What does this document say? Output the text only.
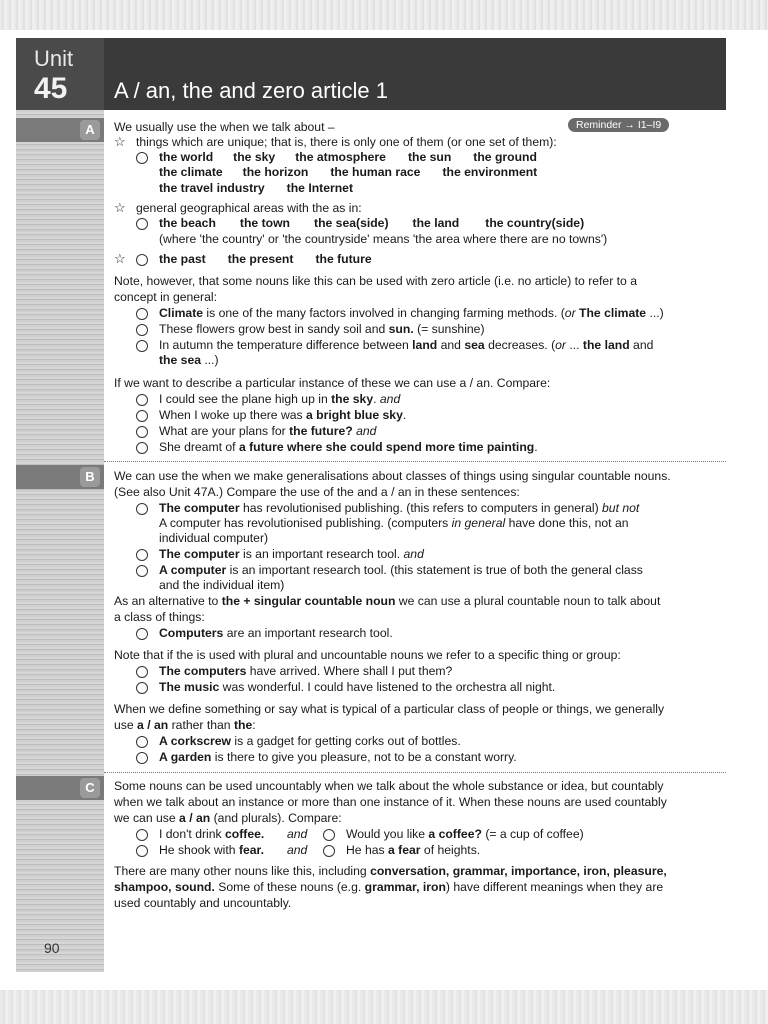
Unit
45 A / an, the and zero article 1
A
B
C
Reminder → I1–I9
We usually use the when we talk about –
☆ things which are unique; that is, there is only one of them (or one set of them):
the world the sky the atmosphere the sun the ground
the climate the horizon the human race the environment
the travel industry the Internet
☆ general geographical areas with the as in:
the beach the town the sea(side) the land the country(side)
(where 'the country' or 'the countryside' means 'the area where there are no towns')
☆	the past the present the future
Note, however, that some nouns like this can be used with zero article (i.e. no article) to refer to a
concept in general:
Climate is one of the many factors involved in changing farming methods. (or The climate ...)
These flowers grow best in sandy soil and sun. (= sunshine)
In autumn the temperature difference between land and sea decreases. (or ... the land and
the sea ...)
If we want to describe a particular instance of these we can use a / an. Compare:
I could see the plane high up in the sky. and
When I woke up there was a bright blue sky.
What are your plans for the future? and
She dreamt of a future where she could spend more time painting.
We can use the when we make generalisations about classes of things using singular countable nouns.
(See also Unit 47A.) Compare the use of the and a / an in these sentences:
The computer has revolutionised publishing. (this refers to computers in general) but not
A computer has revolutionised publishing. (computers in general have done this, not an
individual computer)
The computer is an important research tool. and
A computer is an important research tool. (this statement is true of both the general class
and the individual item)
As an alternative to the + singular countable noun we can use a plural countable noun to talk about
a class of things:
Computers are an important research tool.
Note that if the is used with plural and uncountable nouns we refer to a specific thing or group:
The computers have arrived. Where shall I put them?
The music was wonderful. I could have listened to the orchestra all night.
When we define something or say what is typical of a particular class of people or things, we generally
use a / an rather than the:
A corkscrew is a gadget for getting corks out of bottles.
A garden is there to give you pleasure, not to be a constant worry.
Some nouns can be used uncountably when we talk about the whole substance or idea, but countably
when we talk about an instance or more than one instance of it. When these nouns are used countably
we can use a / an (and plurals). Compare:
I don't drink coffee. and	Would you like a coffee? (= a cup of coffee)
He shook with fear. and	He has a fear of heights.
There are many other nouns like this, including conversation, grammar, importance, iron, pleasure,
shampoo, sound. Some of these nouns (e.g. grammar, iron) have different meanings when they are
used countably and uncountably.
90
